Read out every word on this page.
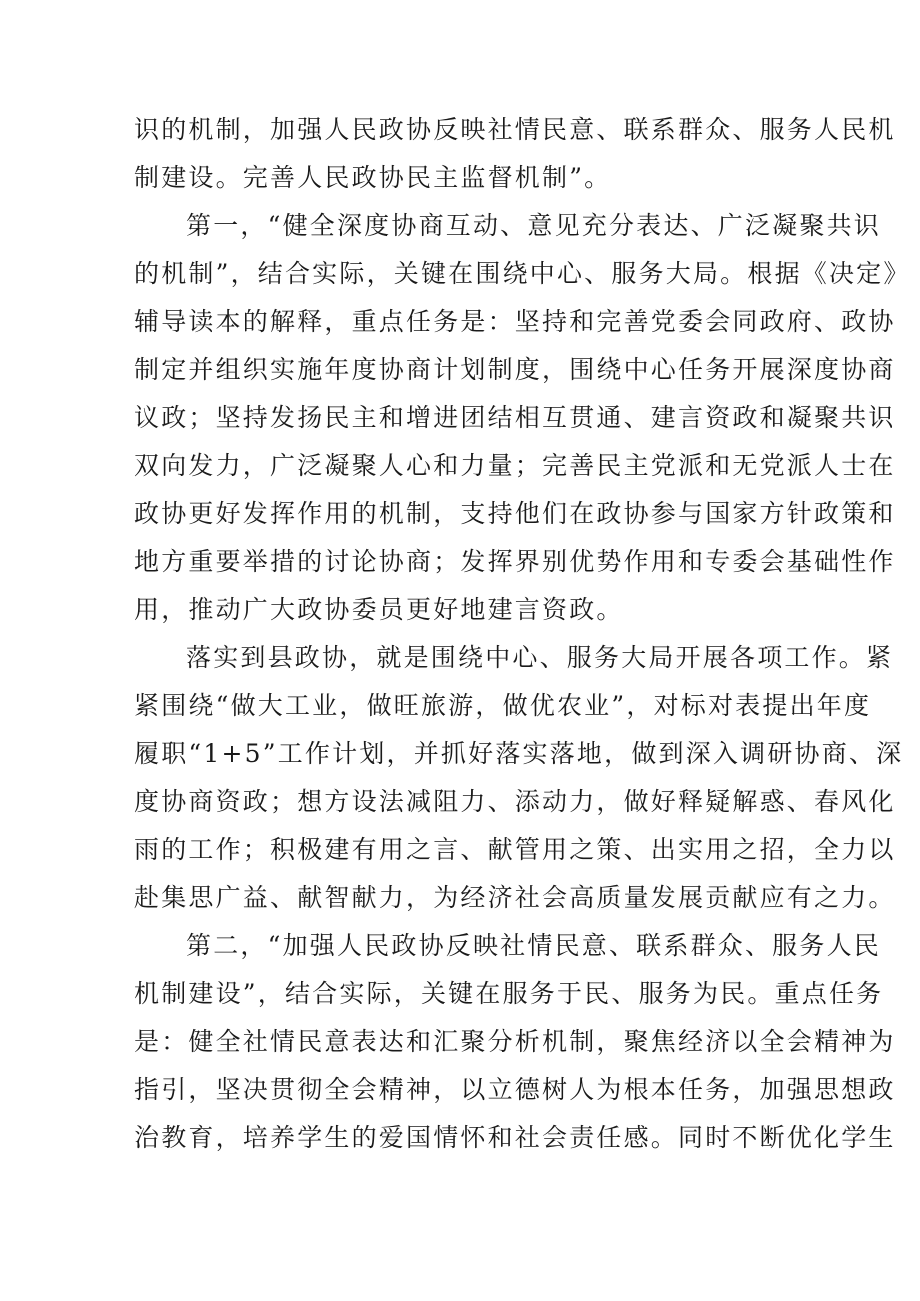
识的机制，加强人民政协反映社情民意、联系群众、服务人民机
制建设。完善人民政协民主监督机制”。
第一，“健全深度协商互动、意见充分表达、广泛凝聚共识
的机制”，结合实际，关键在围绕中心、服务大局。根据《决定》
辅导读本的解释，重点任务是：坚持和完善党委会同政府、政协
制定并组织实施年度协商计划制度，围绕中心任务开展深度协商
议政；坚持发扬民主和增进团结相互贯通、建言资政和凝聚共识
双向发力，广泛凝聚人心和力量；完善民主党派和无党派人士在
政协更好发挥作用的机制，支持他们在政协参与国家方针政策和
地方重要举措的讨论协商；发挥界别优势作用和专委会基础性作
用，推动广大政协委员更好地建言资政。
落实到县政协，就是围绕中心、服务大局开展各项工作。紧
紧围绕“做大工业，做旺旅游，做优农业”，对标对表提出年度
履职“1+5”工作计划，并抓好落实落地，做到深入调研协商、深
度协商资政；想方设法减阻力、添动力，做好释疑解惑、春风化
雨的工作；积极建有用之言、献管用之策、出实用之招，全力以
赴集思广益、献智献力，为经济社会高质量发展贡献应有之力。
第二，“加强人民政协反映社情民意、联系群众、服务人民
机制建设”，结合实际，关键在服务于民、服务为民。重点任务
是：健全社情民意表达和汇聚分析机制，聚焦经济以全会精神为
指引，坚决贯彻全会精神，以立德树人为根本任务，加强思想政
治教育，培养学生的爱国情怀和社会责任感。同时不断优化学生
